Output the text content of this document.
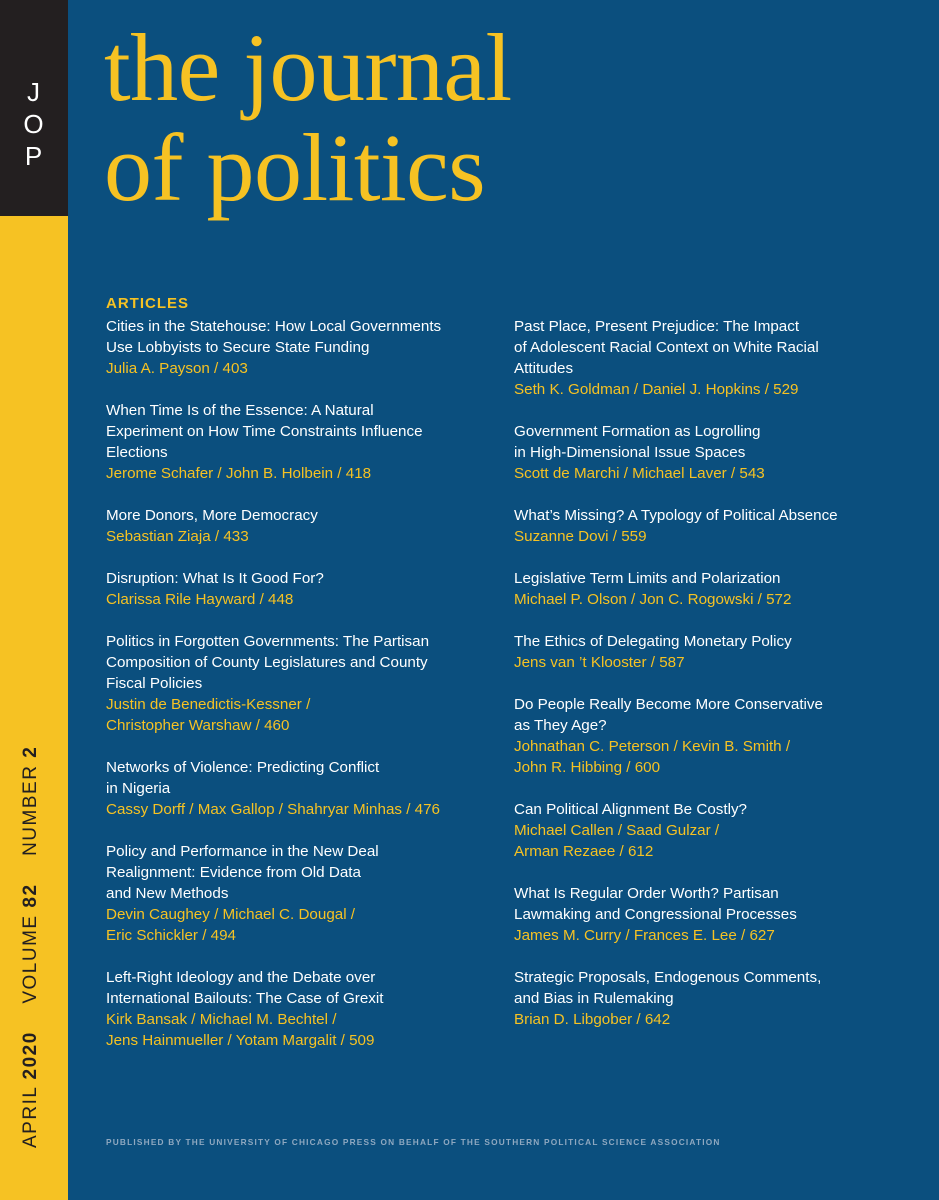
J
O
P
APRIL 2020  VOLUME 82  NUMBER 2
the journal
of politics
ARTICLES
Cities in the Statehouse: How Local Governments
Use Lobbyists to Secure State Funding
Julia A. Payson / 403
When Time Is of the Essence: A Natural
Experiment on How Time Constraints Influence
Elections
Jerome Schafer / John B. Holbein / 418
More Donors, More Democracy
Sebastian Ziaja / 433
Disruption: What Is It Good For?
Clarissa Rile Hayward / 448
Politics in Forgotten Governments: The Partisan
Composition of County Legislatures and County
Fiscal Policies
Justin de Benedictis-Kessner /
Christopher Warshaw / 460
Networks of Violence: Predicting Conflict
in Nigeria
Cassy Dorff / Max Gallop / Shahryar Minhas / 476
Policy and Performance in the New Deal
Realignment: Evidence from Old Data
and New Methods
Devin Caughey / Michael C. Dougal /
Eric Schickler / 494
Left-Right Ideology and the Debate over
International Bailouts: The Case of Grexit
Kirk Bansak / Michael M. Bechtel /
Jens Hainmueller / Yotam Margalit / 509
Past Place, Present Prejudice: The Impact
of Adolescent Racial Context on White Racial
Attitudes
Seth K. Goldman / Daniel J. Hopkins / 529
Government Formation as Logrolling
in High-Dimensional Issue Spaces
Scott de Marchi / Michael Laver / 543
What’s Missing? A Typology of Political Absence
Suzanne Dovi / 559
Legislative Term Limits and Polarization
Michael P. Olson / Jon C. Rogowski / 572
The Ethics of Delegating Monetary Policy
Jens van ’t Klooster / 587
Do People Really Become More Conservative
as They Age?
Johnathan C. Peterson / Kevin B. Smith /
John R. Hibbing / 600
Can Political Alignment Be Costly?
Michael Callen / Saad Gulzar /
Arman Rezaee / 612
What Is Regular Order Worth? Partisan
Lawmaking and Congressional Processes
James M. Curry / Frances E. Lee / 627
Strategic Proposals, Endogenous Comments,
and Bias in Rulemaking
Brian D. Libgober / 642
PUBLISHED BY THE UNIVERSITY OF CHICAGO PRESS ON BEHALF OF THE SOUTHERN POLITICAL SCIENCE ASSOCIATION
